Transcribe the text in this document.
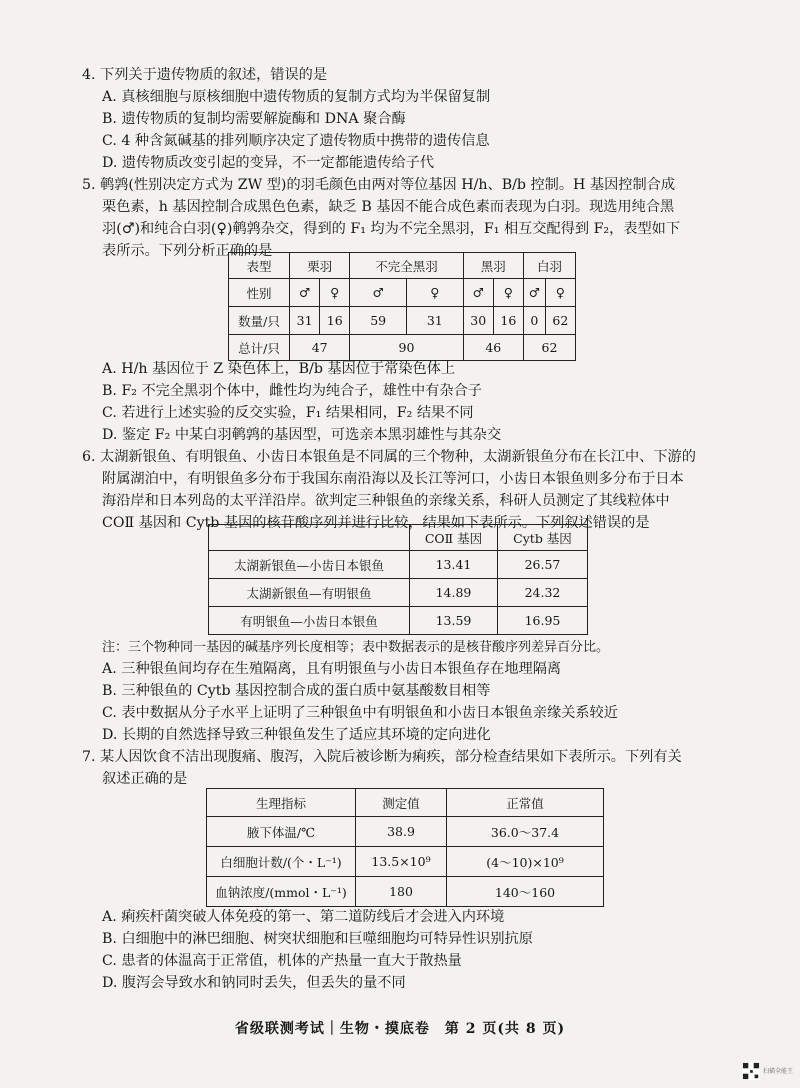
4. 下列关于遗传物质的叙述，错误的是
A. 真核细胞与原核细胞中遗传物质的复制方式均为半保留复制
B. 遗传物质的复制均需要解旋酶和 DNA 聚合酶
C. 4 种含氮碱基的排列顺序决定了遗传物质中携带的遗传信息
D. 遗传物质改变引起的变异，不一定都能遗传给子代
5. 鹌鹑(性别决定方式为 ZW 型)的羽毛颜色由两对等位基因 H/h、B/b 控制。H 基因控制合成
栗色素，h 基因控制合成黑色色素，缺乏 B 基因不能合成色素而表现为白羽。现选用纯合黑
羽(♂)和纯合白羽(♀)鹌鹑杂交，得到的 F₁ 均为不完全黑羽，F₁ 相互交配得到 F₂，表型如下
表所示。下列分析正确的是
表型	栗羽		不完全黑羽		黑羽		白羽	
性别	♂	♀	♂	♀	♂	♀	♂	♀
数量/只	31	16	59	31	30	16	0	62
总计/只	47		90		46		62	
A. H/h 基因位于 Z 染色体上，B/b 基因位于常染色体上
B. F₂ 不完全黑羽个体中，雌性均为纯合子，雄性中有杂合子
C. 若进行上述实验的反交实验，F₁ 结果相同，F₂ 结果不同
D. 鉴定 F₂ 中某白羽鹌鹑的基因型，可选亲本黑羽雄性与其杂交
6. 太湖新银鱼、有明银鱼、小齿日本银鱼是不同属的三个物种，太湖新银鱼分布在长江中、下游的
附属湖泊中，有明银鱼多分布于我国东南沿海以及长江等河口，小齿日本银鱼则多分布于日本
海沿岸和日本列岛的太平洋沿岸。欲判定三种银鱼的亲缘关系，科研人员测定了其线粒体中
COⅡ 基因和 Cytb 基因的核苷酸序列并进行比较，结果如下表所示。下列叙述错误的是
	COⅡ 基因	Cytb 基因
太湖新银鱼—小齿日本银鱼	13.41	26.57
太湖新银鱼—有明银鱼	14.89	24.32
有明银鱼—小齿日本银鱼	13.59	16.95
注：三个物种同一基因的碱基序列长度相等；表中数据表示的是核苷酸序列差异百分比。
A. 三种银鱼间均存在生殖隔离，且有明银鱼与小齿日本银鱼存在地理隔离
B. 三种银鱼的 Cytb 基因控制合成的蛋白质中氨基酸数目相等
C. 表中数据从分子水平上证明了三种银鱼中有明银鱼和小齿日本银鱼亲缘关系较近
D. 长期的自然选择导致三种银鱼发生了适应其环境的定向进化
7. 某人因饮食不洁出现腹痛、腹泻，入院后被诊断为痢疾，部分检查结果如下表所示。下列有关
叙述正确的是
生理指标	测定值	正常值
腋下体温/℃	38.9	36.0～37.4
白细胞计数/(个・L⁻¹)	13.5×10⁹	(4～10)×10⁹
血钠浓度/(mmol・L⁻¹)	180	140～160
A. 痢疾杆菌突破人体免疫的第一、第二道防线后才会进入内环境
B. 白细胞中的淋巴细胞、树突状细胞和巨噬细胞均可特异性识别抗原
C. 患者的体温高于正常值，机体的产热量一直大于散热量
D. 腹泻会导致水和钠同时丢失，但丢失的量不同
省级联测考试｜生物・摸底卷　第 2 页(共 8 页)
扫描全能王
